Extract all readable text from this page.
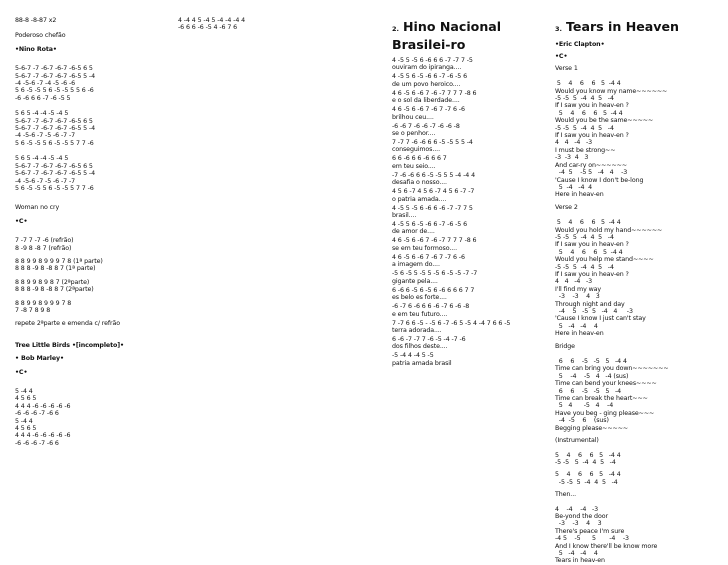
88-8 -8-87 x2
Poderoso chefão
•Nino Rota•
5-6-7 -7 -6-7 -6-7 -6-5 6 5
5-6-7 -7 -6-7 -6-7 -6-5 5 -4
-4 -5-6 -7 -4 -5 -6 -6
5 6 -5 -5 5 6 -5 -5 5 5 6 -6
-6 -6 6 6 -7 -6 -5 5
5 6 5 -4 -4 -5 -4 5
5-6-7 -7 -6-7 -6-7 -6-5 6 5
5-6-7 -7 -6-7 -6-7 -6-5 5 -4
-4 -5-6 -7 -5 -6 -7 -7
5 6 -5 -5 5 6 -5 -5 5 7 7 -6
5 6 5 -4 -4 -5 -4 5
5-6-7 -7 -6-7 -6-7 -6-5 6 5
5-6-7 -7 -6-7 -6-7 -6-5 5 -4
-4 -5-6 -7 -5 -6 -7 -7
5 6 -5 -5 5 6 -5 -5 5 7 7 -6
Woman no cry
•C•
7 -7 7 -7 -6 (refrão)
8 -9 8 -8 7 (refrão)
8 8 9 9 8 9 9 9 7 8 (1ª parte)
8 8 8 -9 8 -8 8 7 (1ª parte)
8 8 9 9 8 9 8 7 (2ªparte)
8 8 8 -9 8 -8 8 7 (2ªparte)
8 8 9 9 8 9 9 9 7 8
7 -8 7 8 9 8
repete 2ªparte e emenda c/ refrão
Tree Little Birds •[incompleto]•
• Bob Marley•
•C•
5 -4 4
4 5 6 5
4 4 4 -6 -6 -6 -6 -6
-6 -6 -6 -7 -6 6
5 -4 4
4 5 6 5
4 4 4 -6 -6 -6 -6 -6
-6 -6 -6 -7 -6 6
4 -4 4 5 -4 5 -4 -4 -4 4
-6 6 6 -6 -5 4 -6 7 6	2. Hino Nacional Brasilei-ro
4 -5 5 -5 6 -6 6 6 -7 -7 7 -5
ouviram do ipiranga....
4 -5 5 6 -5 -6 6 -7 -6 -5 6
de um povo heroico....
4 6 -5 6 -6 7 -6 -7 7 7 7 -8 6
e o sol da liberdade....
4 6 -5 6 -6 7 -6 7 -7 6 -6
brilhou ceu....
-6 -6 7 -6 -6 -7 -6 -6 -8
se o penhor....
7 -7 7 -6 -6 6 6 -5 -5 5 5 -4
conseguimos....
6 6 -6 6 6 -6 6 6 7
em teu seio....
-7 -6 -6 6 6 -5 -5 5 5 -4 -4 4
desafia o nosso....
4 5 6 -7 4 5 6 -7 4 5 6 -7 -7
o patria amada....
4 -5 5 -5 6 -6 6 -6 -7 -7 7 5
brasil....
4 -5 5 6 -5 -6 6 -7 -6 -5 6
de amor de....
4 6 -5 6 -6 7 -6 -7 7 7 7 -8 6
se em teu formoso....
4 6 -5 6 -6 7 -6 7 -7 6 -6
a imagem do....
-5 6 -5 5 -5 5 -5 6 -5 -5 -7 -7
gigante pela....
6 -6 6 -5 6 -5 6 -6 6 6 6 7 7
es belo es forte....
-6 -7 6 -6 6 6 -6 -7 6 -6 -8
e em teu futuro....
7 -7 6 6 -5 - -5 6 -7 -6 5 -5 4 -4 7 6 6 -5
terra adorada....
6 -6 -7 -7 7 -6 -5 -4 -7 -6
dos filhos deste....
-5 -4 4 -4 5 -5
patria amada brasil
3. Tears in Heaven
•Eric Clapton•
•C•
Verse 1
5    4    6    6   5  -4 4
Would you know my name~~~~~~
-5 -5  5  -4  4  5   -4
If I saw you in heav-en ?
5    4    6    6   5  -4 4
Would you be the same~~~~~
-5 -5  5  -4  4  5   -4
If I saw you in heav-en ?
4   4   -4   -3
I must be strong~~
-3  -3  4   3
And car-ry on~~~~~~
-4  5    -5 5   -4   4    -3
'Cause I know I don't be-long
5  -4   -4  4
Here in heav-en
Verse 2
5    4    6    6   5  -4 4
Would you hold my hand~~~~~~
-5 -5  5  -4  4  5   -4
If I saw you in heav-en ?
5    4    6    6   5  -4 4
Would you help me stand~~~~
-5 -5  5  -4  4  5   -4
If I saw you in heav-en ?
4   4   -4   -3
I'll find my way
-3    -3    4   3
Through night and day
-4    5   -5  5   -4   4     -3
'Cause I know I just can't stay
5   -4   -4    4
Here in heav-en
Bridge
6    6    -5   -5   5   -4 4
Time can bring you down~~~~~~~
5    -4    -5   4   -4 (sus)
Time can bend your knees~~~~
6    6    -5   -5   5   -4
Time can break the heart~~~
5   4      -5   4    -4
Have you beg - ging please~~~
-4  -5    6    (sus)
Begging please~~~~~
(Instrumental)
5    4    6    6   5   -4 4
-5 -5   5  -4  4  5   -4
5    4    6    6   5   -4 4
-5 -5  5  -4  4  5   -4
Then...
4    -4    -4   -3
Be-yond the door
-3    -3    4    3
There's peace I'm sure
-4 5    -5      5       -4    -3
And I know there'll be know more
5   -4   -4    4
Tears in heav-en
